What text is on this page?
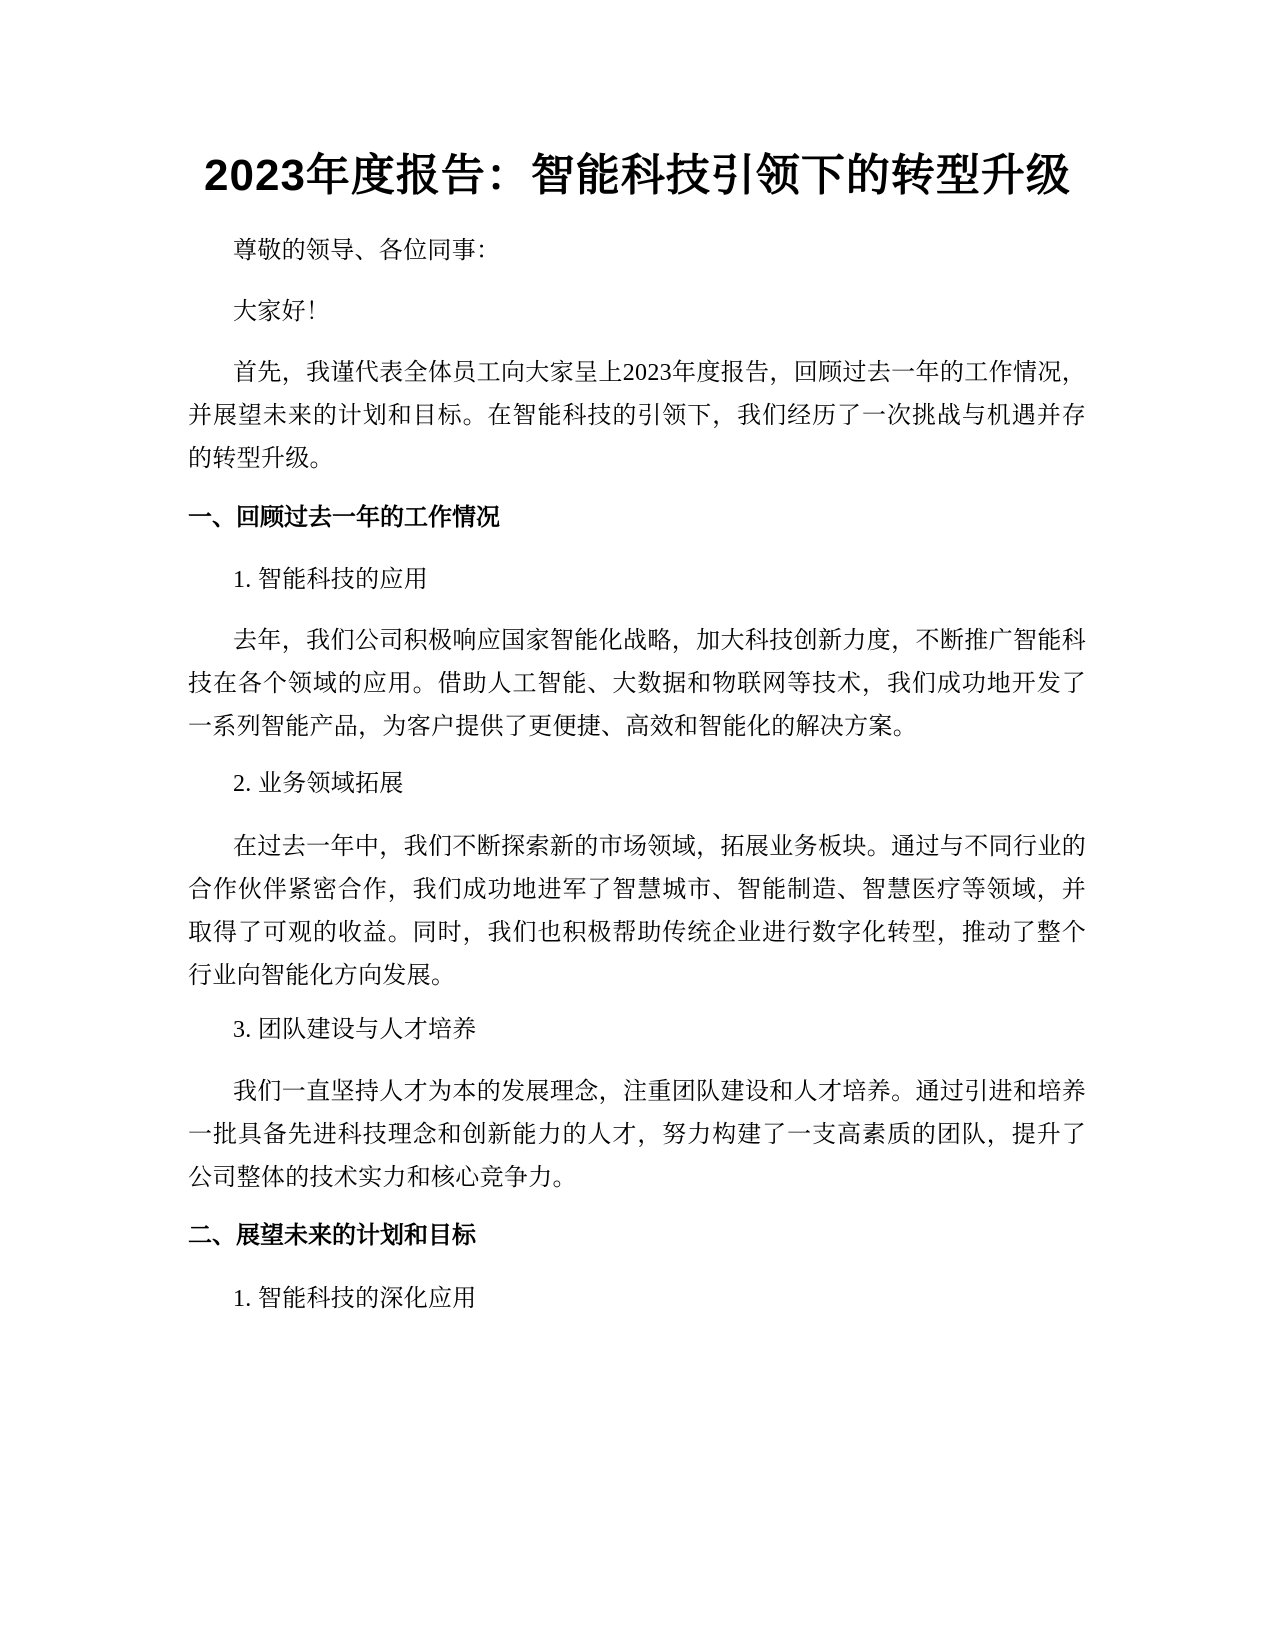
2023年度报告：智能科技引领下的转型升级

尊敬的领导、各位同事：

大家好！

首先，我谨代表全体员工向大家呈上2023年度报告，回顾过去一年的工作情况，并展望未来的计划和目标。在智能科技的引领下，我们经历了一次挑战与机遇并存的转型升级。

一、回顾过去一年的工作情况

1. 智能科技的应用

去年，我们公司积极响应国家智能化战略，加大科技创新力度，不断推广智能科技在各个领域的应用。借助人工智能、大数据和物联网等技术，我们成功地开发了一系列智能产品，为客户提供了更便捷、高效和智能化的解决方案。

2. 业务领域拓展

在过去一年中，我们不断探索新的市场领域，拓展业务板块。通过与不同行业的合作伙伴紧密合作，我们成功地进军了智慧城市、智能制造、智慧医疗等领域，并取得了可观的收益。同时，我们也积极帮助传统企业进行数字化转型，推动了整个行业向智能化方向发展。

3. 团队建设与人才培养

我们一直坚持人才为本的发展理念，注重团队建设和人才培养。通过引进和培养一批具备先进科技理念和创新能力的人才，努力构建了一支高素质的团队，提升了公司整体的技术实力和核心竞争力。

二、展望未来的计划和目标

1. 智能科技的深化应用
